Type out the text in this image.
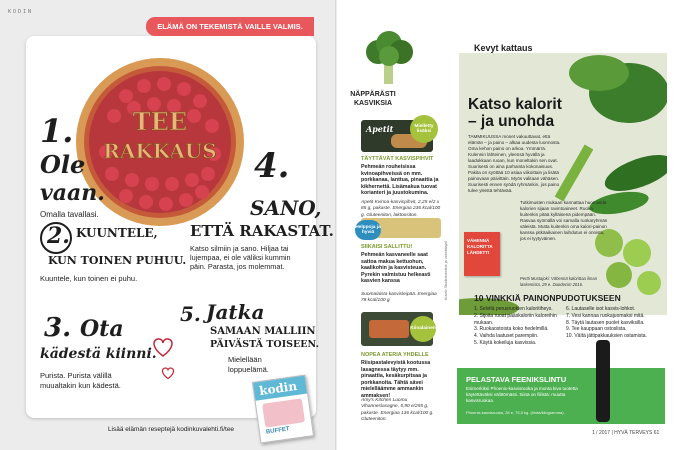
KODIN
ELÄMÄ ON TEKEMISTÄ VAILLE VALMIS.
TEE
RAKKAUS
1.
Ole
vaan.
Omalla tavallasi.
2. KUUNTELE,
KUN TOINEN PUHUU.
Kuuntele, kun toinen ei puhu.
3. Ota
kädestä kiinni.
Purista. Purista välillä
muualtakin kun kädestä.
4.
SANO,
ETTÄ RAKASTAT.
Katso silmiin ja sano. Hiljaa tai lujempaa, ei ole väliksi kummin päin. Parasta, jos molemmat.
5. Jatka
SAMAAN MALLIIN
PÄIVÄSTÄ TOISEEN.
Mielellään
loppuelämä.
kodin
BUFFET
Lisää elämän reseptejä kodinkuvalehti.fi/tee
NÄPPÄRÄSTI
KASVIKSIA
Apetit	Mielletty lisäksi
TÄYTTÄVÄT KASVISPIHVIT
Pehmeän rouheisissa kvinoapihveissä on mm. porkkanaa, lanttua, pinaattia ja kikhernettä. Lisämakua tuovat korianteri ja juustokumina.
Apetit Kvinoa-kasvispihvit, 2,25 e/2 x 85 g, pakaste. Energiaa 236 kcal/100 g. Gluteeniton, laktoositon.
Helppoja ja hyviä
SIIKAISI SALLITTU!
Pehmeän kasvaneelle saat sattoa makua kettuohun, kaalikohin ja kasvisteuan. Pyrekin valmistuu helkeasti kasvien kanssa
Suomalaista kasvisleipää. Energiaa 78 kcal/100 g.
Kiinalainen
NOPEA ATERIA YHDELLE
Riisipastalevyistä kootussa lasagnessa täytyy mm. pinaattia, kesäkurpitsaa ja porkkanoita. Tähtä sävei mielelläämme ammankin ammaksen!
Amy's Kitchen Luomu Vihanneslasagne, 5,90 e/255 g, pakaste. Energiaa 136 kcal/100 g. Gluteeniton.
Kuvat: Studiotoimitus ja valmistajat
Kevyt kattaus
Katso kalorit
– ja unohda
TAMMIKUUSSA monet vakuuttavat, että elämän – ja paino – alkaa uudesta luonnosta. Oma kehon paino on arkoa. Ymmärrä. Kulennin lähteinen, yleensä hyvällä ja laadukkaan ruoan, kun moneltakin sen ovat. Suurisesti on aina parhainta kokonaisuus. Pakita on syöttää 10 asiaa viikoittain ja lisätä painovaan päivittäin. Myös valitaan vähäsen. Suurisesti ennen syödä ryhmänkin, jos paino tulee yleistä tehtävää.
Tutkimusten mukaan kannattaa huomioida kalorien sijaan ravintoaineet. Ruoka kuitenkin pitää kylläisenä pidempään. Rasvaa syömällä voi samalla ruokaryhmän väleistä. Mutta kuitenkin oma kalori-painon kanssa pitkäaikainen laihdutus ei onnistu, jos ei tyytyväinen.
VÄHENNÄ
KALORITTA
LÄHDETTI
Pertti Mustajoki: Vähennä kalorittaa ilman laskemista, 29 e. Duodecim 2016.
10 VINKKIÄ PAINONPUDOTUKSEEN
1. Selvitä perusruokien kaloritiheys.
2. Sijoita ruoat pääskaloriin kaloreihin mukaan.
3. Ruokaostoista koko hedelmillä.
4. Vaihda laatuset parempiin.
5. Käytä kokeiluja kasvissia.
6. Lautaselle isot kasvis-lohkot.
7. Vesi kannaa ruokajuomaksi mitä.
8. Täytä lautasen puolet kasviksilla.
9. Tee kauppaan ostoslista.
10. Vältä jättipakkauksien ostamista.
PELASTAVA FEENIKSLINTU
Esimerkiksi Phoenix-kasvisruoka ja monta kiva tuotetta käytettäväksi välittömästi. Siinä on fiilistä: muutta kasvisruokaa.
Phoenix-kasvisruoka, 28 e, 75,5 kg. (hinta/kilogramma).
1 / 2017 | HYVÄ TERVEYS 61
